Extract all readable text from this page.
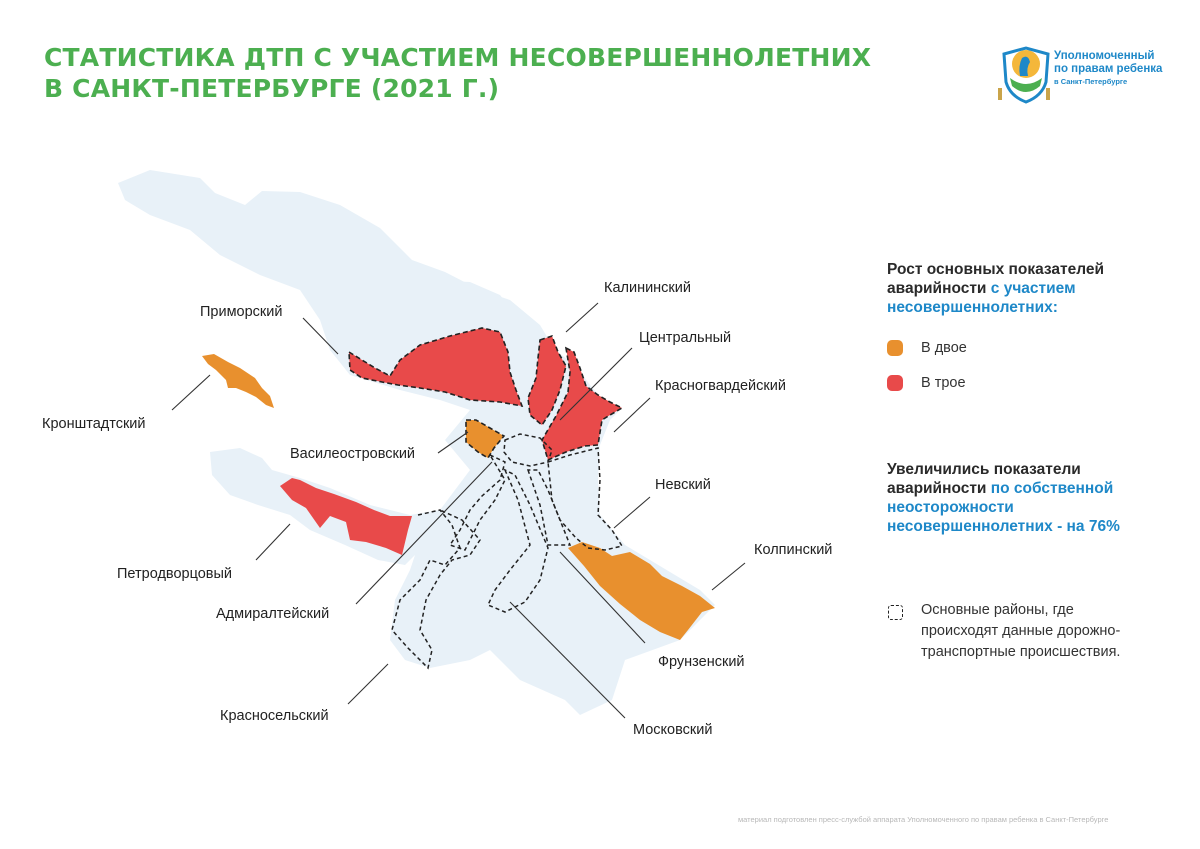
СТАТИСТИКА ДТП С УЧАСТИЕМ НЕСОВЕРШЕННОЛЕТНИХ
В САНКТ-ПЕТЕРБУРГЕ (2021 Г.)
Уполномоченный
по правам ребенка
в Санкт-Петербурге
Приморский
Калининский
Центральный
Красногвардейский
Кронштадтский
Василеостровский
Невский
Колпинский
Петродворцовый
Адмиралтейский
Фрунзенский
Красносельский
Московский
Рост основных показателей аварийности с участием несовершеннолетних:
В двое
В трое
Увеличились показатели аварийности по собственной неосторожности несовершеннолетних - на 76%
Основные районы, где происходят данные дорожно-транспортные происшествия.
материал подготовлен пресс-службой аппарата Уполномоченного по правам ребенка в Санкт-Петербурге
